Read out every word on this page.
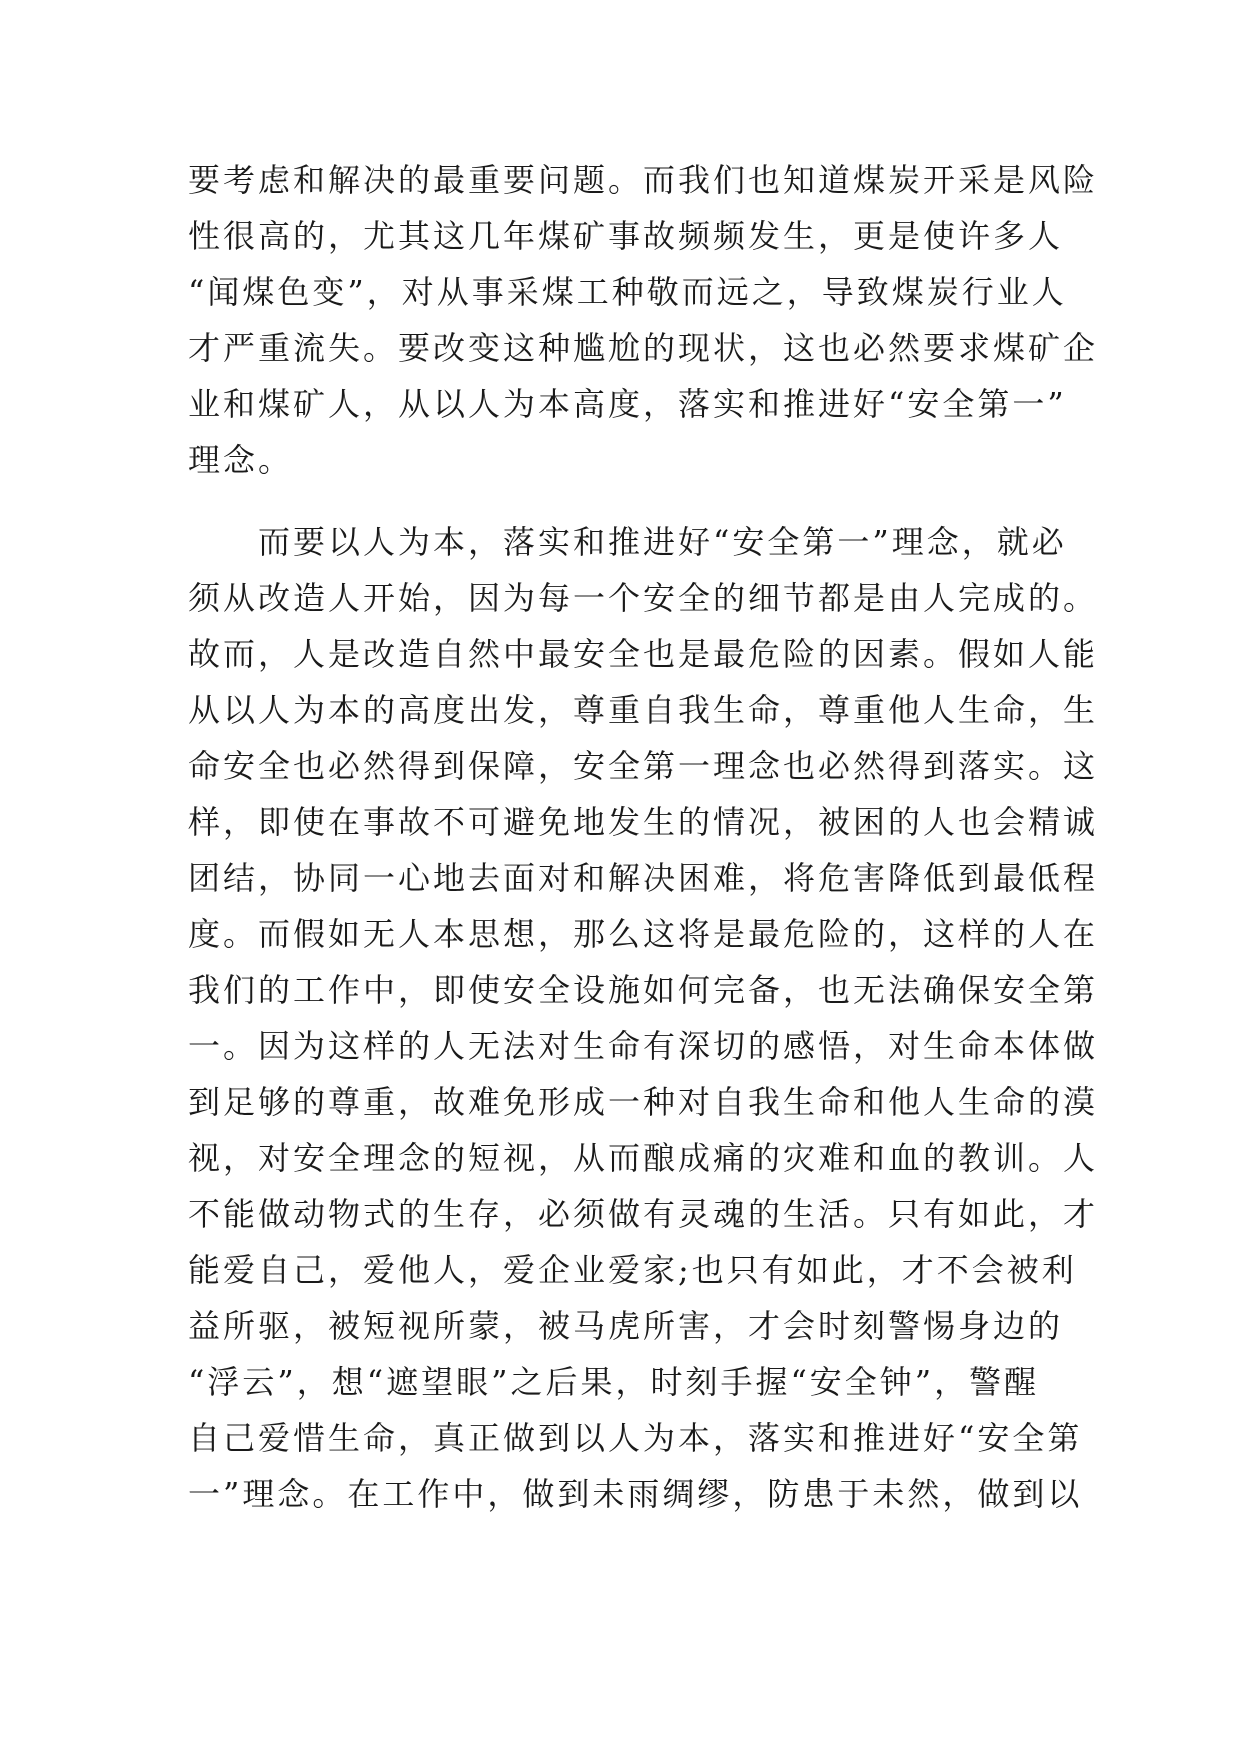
要考虑和解决的最重要问题。而我们也知道煤炭开采是风险
性很高的，尤其这几年煤矿事故频频发生，更是使许多人
“闻煤色变”，对从事采煤工种敬而远之，导致煤炭行业人
才严重流失。要改变这种尴尬的现状，这也必然要求煤矿企
业和煤矿人，从以人为本高度，落实和推进好“安全第一”
理念。
　　而要以人为本，落实和推进好“安全第一”理念，就必
须从改造人开始，因为每一个安全的细节都是由人完成的。
故而，人是改造自然中最安全也是最危险的因素。假如人能
从以人为本的高度出发，尊重自我生命，尊重他人生命，生
命安全也必然得到保障，安全第一理念也必然得到落实。这
样，即使在事故不可避免地发生的情况，被困的人也会精诚
团结，协同一心地去面对和解决困难，将危害降低到最低程
度。而假如无人本思想，那么这将是最危险的，这样的人在
我们的工作中，即使安全设施如何完备，也无法确保安全第
一。因为这样的人无法对生命有深切的感悟，对生命本体做
到足够的尊重，故难免形成一种对自我生命和他人生命的漠
视，对安全理念的短视，从而酿成痛的灾难和血的教训。人
不能做动物式的生存，必须做有灵魂的生活。只有如此，才
能爱自己，爱他人，爱企业爱家;也只有如此，才不会被利
益所驱，被短视所蒙，被马虎所害，才会时刻警惕身边的
“浮云”，想“遮望眼”之后果，时刻手握“安全钟”，警醒
自己爱惜生命，真正做到以人为本，落实和推进好“安全第
一”理念。在工作中，做到未雨绸缪，防患于未然，做到以
